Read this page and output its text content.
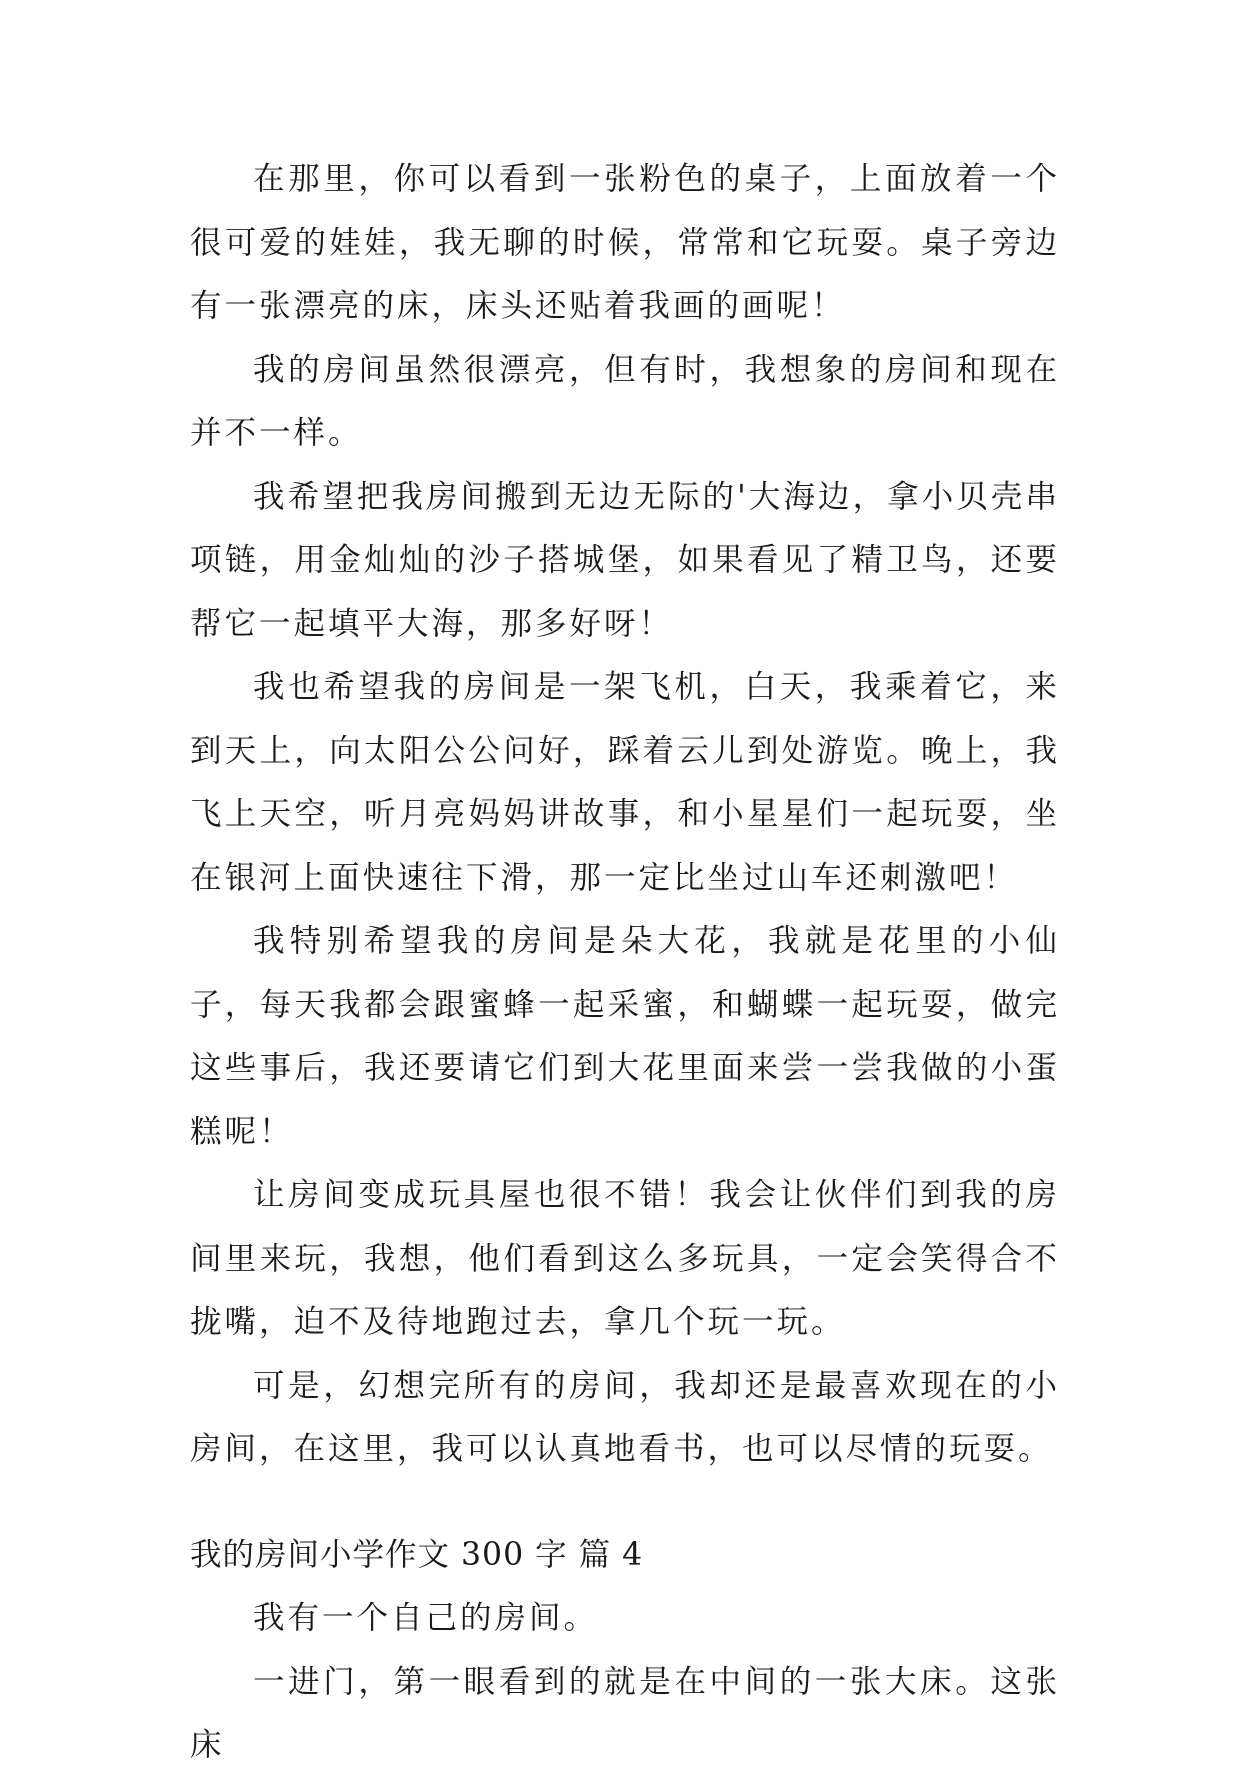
在那里，你可以看到一张粉色的桌子，上面放着一个很可爱的娃娃，我无聊的时候，常常和它玩耍。桌子旁边有一张漂亮的床，床头还贴着我画的画呢！

我的房间虽然很漂亮，但有时，我想象的房间和现在并不一样。

我希望把我房间搬到无边无际的'大海边，拿小贝壳串项链，用金灿灿的沙子搭城堡，如果看见了精卫鸟，还要帮它一起填平大海，那多好呀！

我也希望我的房间是一架飞机，白天，我乘着它，来到天上，向太阳公公问好，踩着云儿到处游览。晚上，我飞上天空，听月亮妈妈讲故事，和小星星们一起玩耍，坐在银河上面快速往下滑，那一定比坐过山车还刺激吧！

我特别希望我的房间是朵大花，我就是花里的小仙子，每天我都会跟蜜蜂一起采蜜，和蝴蝶一起玩耍，做完这些事后，我还要请它们到大花里面来尝一尝我做的小蛋糕呢！

让房间变成玩具屋也很不错！我会让伙伴们到我的房间里来玩，我想，他们看到这么多玩具，一定会笑得合不拢嘴，迫不及待地跑过去，拿几个玩一玩。

可是，幻想完所有的房间，我却还是最喜欢现在的小房间，在这里，我可以认真地看书，也可以尽情的玩耍。

我的房间小学作文 300 字 篇 4

我有一个自己的房间。

一进门，第一眼看到的就是在中间的一张大床。这张床
